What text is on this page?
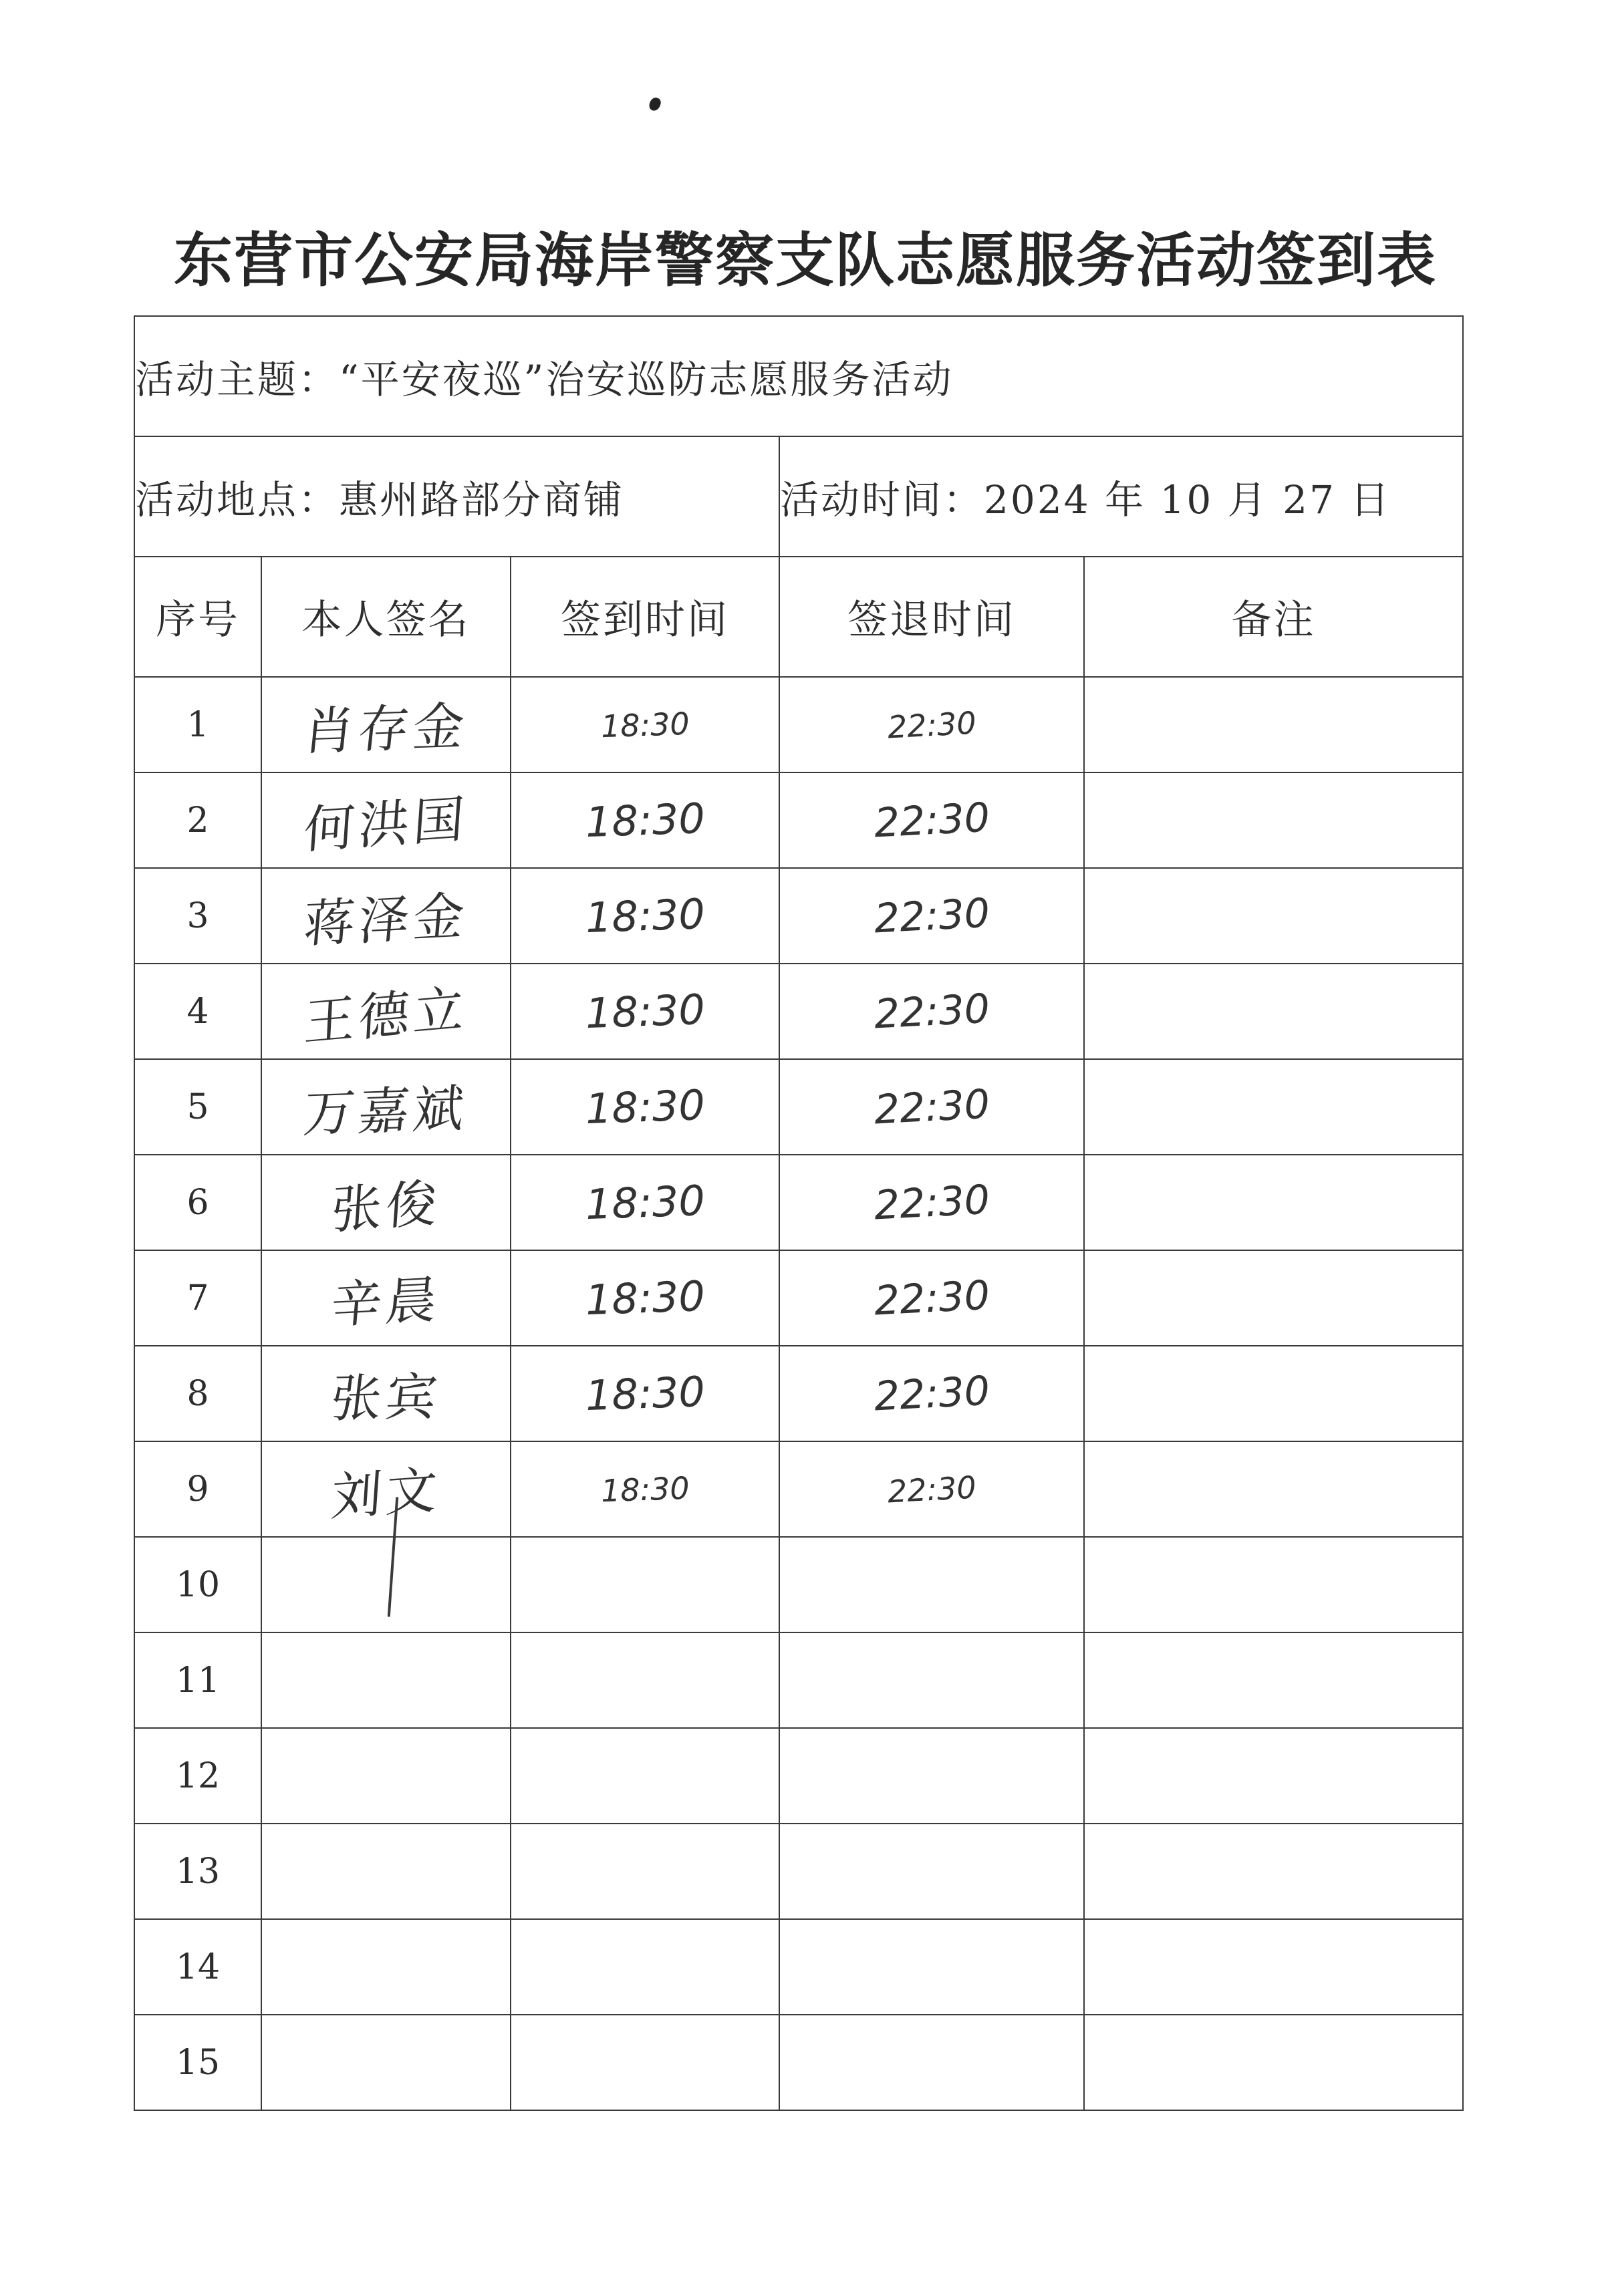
东营市公安局海岸警察支队志愿服务活动签到表
活动主题：“平安夜巡”治安巡防志愿服务活动				
活动地点：惠州路部分商铺			活动时间：2024 年 10 月 27 日	
序号	本人签名	签到时间	签退时间	备注
1	肖存金	18:30	22:30	
2	何洪国	18:30	22:30	
3	蒋泽金	18:30	22:30	
4	王德立	18:30	22:30	
5	万嘉斌	18:30	22:30	
6	张俊	18:30	22:30	
7	辛晨	18:30	22:30	
8	张宾	18:30	22:30	
9	刘文	18:30	22:30	
10				
11				
12				
13				
14				
15				
